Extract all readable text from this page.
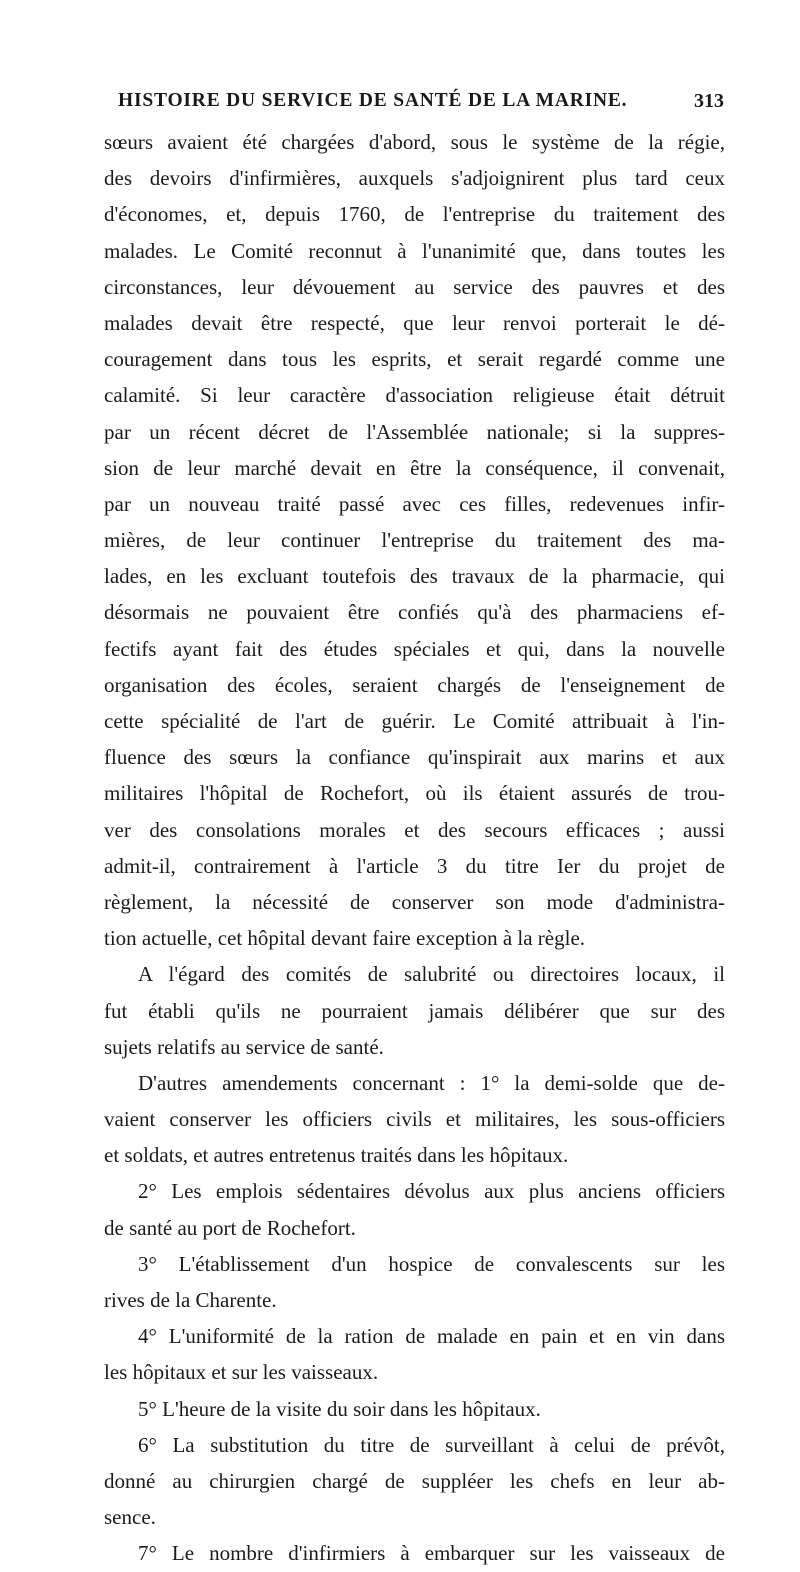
HISTOIRE DU SERVICE DE SANTÉ DE LA MARINE.	313
sœurs avaient été chargées d'abord, sous le système de la régie,
des devoirs d'infirmières, auxquels s'adjoignirent plus tard ceux
d'économes, et, depuis 1760, de l'entreprise du traitement des
malades. Le Comité reconnut à l'unanimité que, dans toutes les
circonstances, leur dévouement au service des pauvres et des
malades devait être respecté, que leur renvoi porterait le dé-
couragement dans tous les esprits, et serait regardé comme une
calamité. Si leur caractère d'association religieuse était détruit
par un récent décret de l'Assemblée nationale; si la suppres-
sion de leur marché devait en être la conséquence, il convenait,
par un nouveau traité passé avec ces filles, redevenues infir-
mières, de leur continuer l'entreprise du traitement des ma-
lades, en les excluant toutefois des travaux de la pharmacie, qui
désormais ne pouvaient être confiés qu'à des pharmaciens ef-
fectifs ayant fait des études spéciales et qui, dans la nouvelle
organisation des écoles, seraient chargés de l'enseignement de
cette spécialité de l'art de guérir. Le Comité attribuait à l'in-
fluence des sœurs la confiance qu'inspirait aux marins et aux
militaires l'hôpital de Rochefort, où ils étaient assurés de trou-
ver des consolations morales et des secours efficaces ; aussi
admit-il, contrairement à l'article 3 du titre Ier du projet de
règlement, la nécessité de conserver son mode d'administra-
tion actuelle, cet hôpital devant faire exception à la règle.
A l'égard des comités de salubrité ou directoires locaux, il
fut établi qu'ils ne pourraient jamais délibérer que sur des
sujets relatifs au service de santé.
D'autres amendements concernant : 1° la demi-solde que de-
vaient conserver les officiers civils et militaires, les sous-officiers
et soldats, et autres entretenus traités dans les hôpitaux.
2° Les emplois sédentaires dévolus aux plus anciens officiers
de santé au port de Rochefort.
3° L'établissement d'un hospice de convalescents sur les
rives de la Charente.
4° L'uniformité de la ration de malade en pain et en vin dans
les hôpitaux et sur les vaisseaux.
5° L'heure de la visite du soir dans les hôpitaux.
6° La substitution du titre de surveillant à celui de prévôt,
donné au chirurgien chargé de suppléer les chefs en leur ab-
sence.
7° Le nombre d'infirmiers à embarquer sur les vaisseaux de
